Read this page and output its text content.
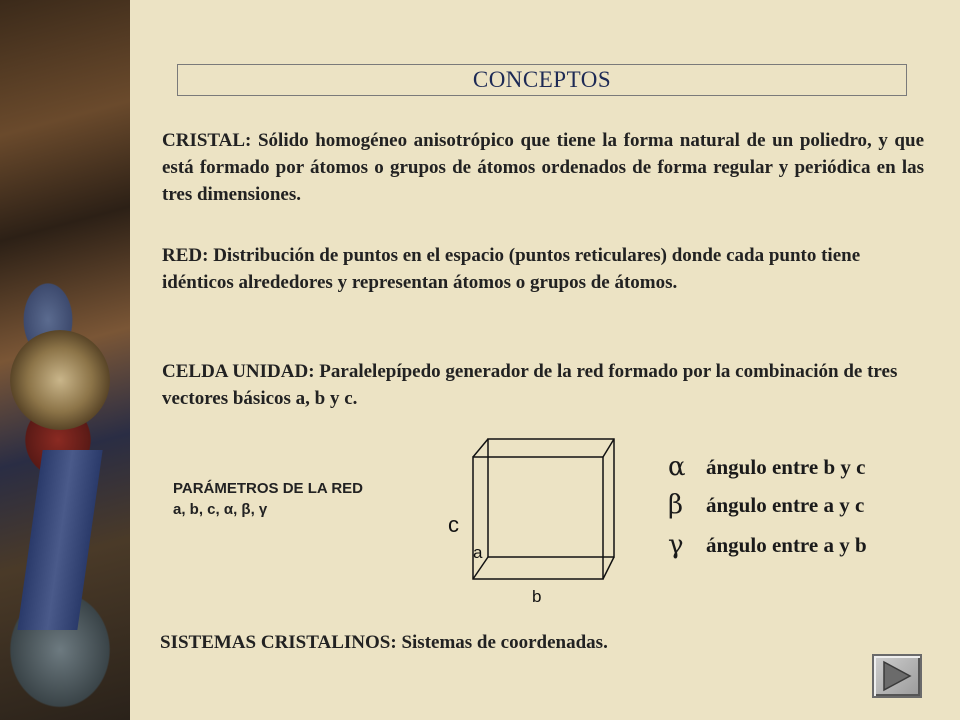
CONCEPTOS
CRISTAL: Sólido homogéneo anisotrópico que tiene la forma natural de un poliedro, y que está formado por átomos o grupos de átomos ordenados de forma regular y periódica en las tres dimensiones.
RED: Distribución de puntos en el espacio (puntos reticulares) donde cada punto tiene idénticos alrededores y representan átomos o grupos de átomos.
CELDA UNIDAD: Paralelepípedo generador de la red formado por la combinación de tres vectores básicos a, b y c.
PARÁMETROS DE LA RED
a, b, c, α, β, γ
c
a
b
α ángulo entre b y c
β	ángulo entre a y c
γ	ángulo entre a y b
SISTEMAS CRISTALINOS: Sistemas de coordenadas.
